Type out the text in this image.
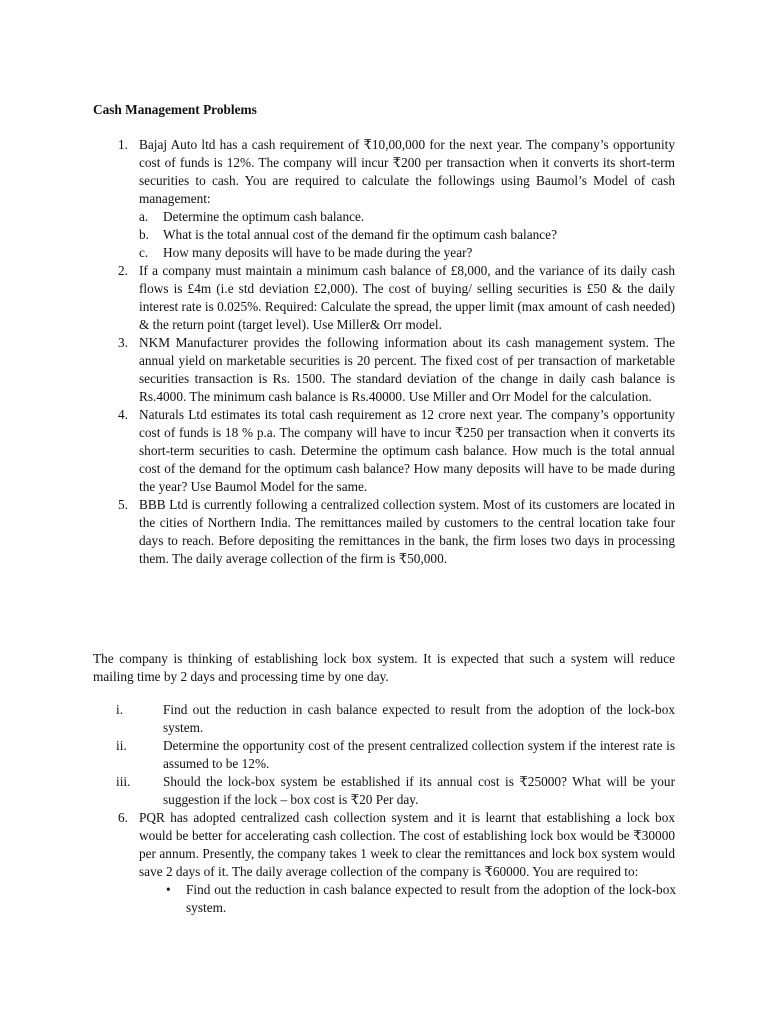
Cash Management Problems
1. Bajaj Auto ltd has a cash requirement of ₹10,00,000 for the next year. The company’s opportunity cost of funds is 12%. The company will incur ₹200 per transaction when it converts its short-term securities to cash. You are required to calculate the followings using Baumol’s Model of cash management:
a. Determine the optimum cash balance.
b. What is the total annual cost of the demand fir the optimum cash balance?
c. How many deposits will have to be made during the year?
2. If a company must maintain a minimum cash balance of £8,000, and the variance of its daily cash flows is £4m (i.e std deviation £2,000). The cost of buying/ selling securities is £50 & the daily interest rate is 0.025%. Required: Calculate the spread, the upper limit (max amount of cash needed) & the return point (target level). Use Miller& Orr model.
3. NKM Manufacturer provides the following information about its cash management system. The annual yield on marketable securities is 20 percent. The fixed cost of per transaction of marketable securities transaction is Rs. 1500. The standard deviation of the change in daily cash balance is Rs.4000. The minimum cash balance is Rs.40000. Use Miller and Orr Model for the calculation.
4. Naturals Ltd estimates its total cash requirement as 12 crore next year. The company’s opportunity cost of funds is 18 % p.a. The company will have to incur ₹250 per transaction when it converts its short-term securities to cash. Determine the optimum cash balance. How much is the total annual cost of the demand for the optimum cash balance? How many deposits will have to be made during the year? Use Baumol Model for the same.
5. BBB Ltd is currently following a centralized collection system. Most of its customers are located in the cities of Northern India. The remittances mailed by customers to the central location take four days to reach. Before depositing the remittances in the bank, the firm loses two days in processing them. The daily average collection of the firm is ₹50,000.
The company is thinking of establishing lock box system. It is expected that such a system will reduce mailing time by 2 days and processing time by one day.
i.	Find out the reduction in cash balance expected to result from the adoption of the lock-box system.
ii.	Determine the opportunity cost of the present centralized collection system if the interest rate is assumed to be 12%.
iii. Should the lock-box system be established if its annual cost is ₹25000? What will be your suggestion if the lock – box cost is ₹20 Per day.
6. PQR has adopted centralized cash collection system and it is learnt that establishing a lock box would be better for accelerating cash collection. The cost of establishing lock box would be ₹30000 per annum. Presently, the company takes 1 week to clear the remittances and lock box system would save 2 days of it. The daily average collection of the company is ₹60000. You are required to:
• Find out the reduction in cash balance expected to result from the adoption of the lock-box system.
